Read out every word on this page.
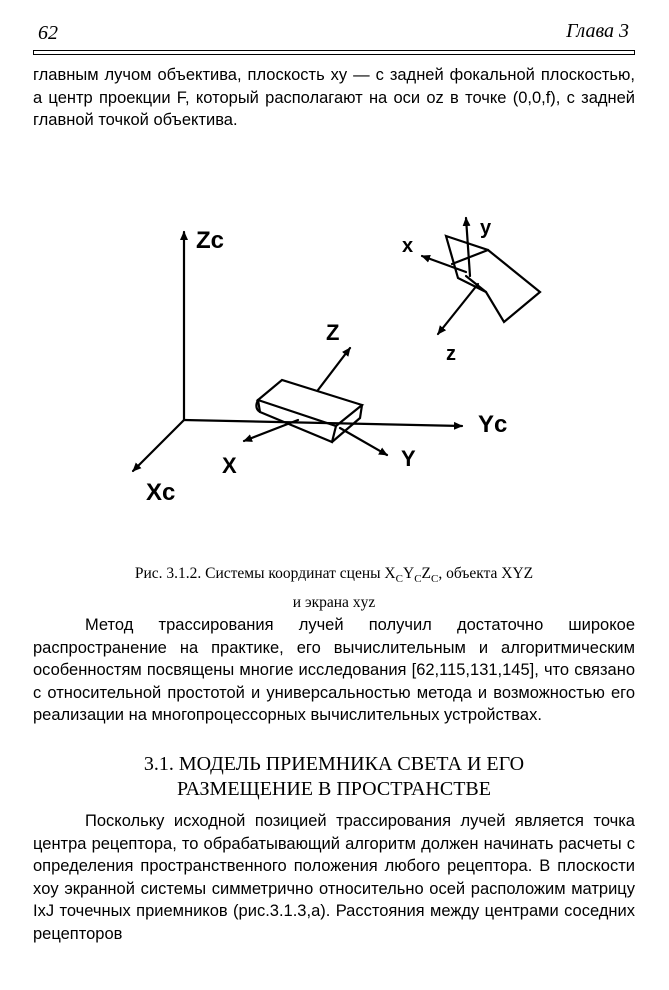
62	Глава 3
главным лучом объектива, плоскость xy — с задней фокальной плоскостью, а центр проекции F, который располагают на оси oz в точке (0,0,f), с задней главной точкой объектива.
Zc
Yc
Xc
Z
X	Y
x
y
z
Рис. 3.1.2. Системы координат сцены $X_CY_CZ_C$, объекта XYZ
и экрана xyz
Метод трассирования лучей получил достаточно широкое распространение на практике, его вычислительным и алгоритмическим особенностям посвящены многие исследования [62,115,131,145], что связано с относительной простотой и универсальностью метода и возможностью его реализации на многопроцессорных вычислительных устройствах.
3.1. МОДЕЛЬ ПРИЕМНИКА СВЕТА И ЕГО
РАЗМЕЩЕНИЕ В ПРОСТРАНСТВЕ
Поскольку исходной позицией трассирования лучей является точка центра рецептора, то обрабатывающий алгоритм должен начинать расчеты с определения пространственного положения любого рецептора. В плоскости xoy экранной системы симметрично относительно осей расположим матрицу IxJ точечных приемников (рис.3.1.3,а). Расстояния между центрами соседних рецепторов
